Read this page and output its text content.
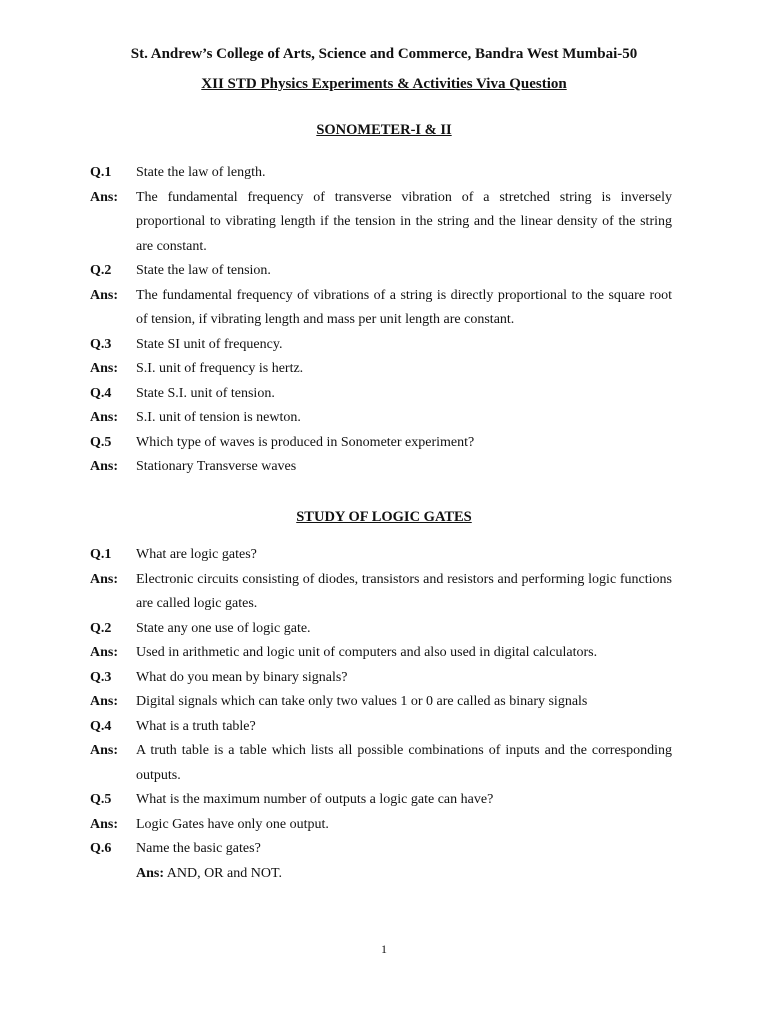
St. Andrew’s College of Arts, Science and Commerce, Bandra West Mumbai-50
XII STD Physics Experiments & Activities Viva Question
SONOMETER-I & II
Q.1	State the law of length.
Ans:	The fundamental frequency of transverse vibration of a stretched string is inversely proportional to vibrating length if the tension in the string and the linear density of the string are constant.
Q.2	State the law of tension.
Ans:	The fundamental frequency of vibrations of a string is directly proportional to the square root of tension, if vibrating length and mass per unit length are constant.
Q.3	State SI unit of frequency.
Ans:	S.I. unit of frequency is hertz.
Q.4	State S.I. unit of tension.
Ans:	S.I. unit of tension is newton.
Q.5	Which type of waves is produced in Sonometer experiment?
Ans:	Stationary Transverse waves
STUDY OF LOGIC GATES
Q.1	What are logic gates?
Ans:	Electronic circuits consisting of diodes, transistors and resistors and performing logic functions are called logic gates.
Q.2	State any one use of logic gate.
Ans:	Used in arithmetic and logic unit of computers and also used in digital calculators.
Q.3	What do you mean by binary signals?
Ans:	Digital signals which can take only two values 1 or 0 are called as binary signals
Q.4	What is a truth table?
Ans:	A truth table is a table which lists all possible combinations of inputs and the corresponding outputs.
Q.5	What is the maximum number of outputs a logic gate can have?
Ans:	Logic Gates have only one output.
Q.6	Name the basic gates?
Ans: AND, OR and NOT.
1
